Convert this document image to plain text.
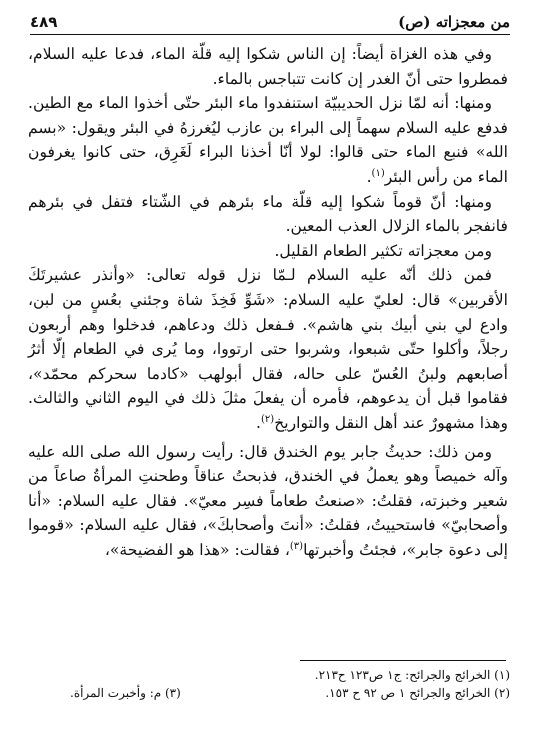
من معجزاته (ص)
٤٨٩

وفي هذه الغزاة أيضاً: إن الناس شكوا إليه قلّة الماء، فدعا عليه السلام، فمطروا حتى أنّ الغدر إن كانت تتباجس بالماء.

ومنها: أنه لمّا نزل الحديبيّة استنفدوا ماء البئر حتّى أخذوا الماء مع الطين. فدفع عليه السلام سهماً إلى البراء بن عازب ليُغرزهُ في البئر ويقول: «بسم الله» فنبع الماء حتى قالوا: لولا أنّا أخذنا البراء لَغَرِق، حتى كانوا يغرفون الماء من رأس البئر$^{(١)}$.

ومنها: أنّ قوماً شكوا إليه قلّة ماء بئرهم في الشّتاء فتفل في بئرهم فانفجر بالماء الزلال العذب المعين.

ومن معجزاته تكثير الطعام القليل.

فمن ذلك أنّه عليه السلام لـمّا نزل قوله تعالى: «وأنذر عشيرتَكَ الأقربين» قال: لعليّ عليه السلام: «شَوِّ فَخِذَ شاة وجئني بعُسٍ من لبن، وادع لي بني أبيك بني هاشم». فـفعل ذلك ودعاهم، فدخلوا وهم أربعون رجلاً، وأكلوا حتّى شبعوا، وشربوا حتى ارتووا، وما يُرى في الطعام إلّا أثرُ أصابعهم ولبنُ العُسّ على حاله، فقال أبولهب «كادما سحركم محمّد»، فقاموا قبل أن يدعوهم، فأمره أن يفعلَ مثلَ ذلك في اليوم الثاني والثالث. وهذا مشهورٌ عند أهل النقل والتواريخ$^{(٢)}$.

ومن ذلك: حديثُ جابر يوم الخندق قال: رأيت رسول الله صلى الله عليه وآله خميصاً وهو يعملُ في الخندق، فذبحتُ عناقاً وطحنتِ المرأةُ صاعاً من شعير وخبزته، فقلتُ: «صنعتُ طعاماً فسِر معيّ». فقال عليه السلام: «أنا وأصحابيّ» فاستحييتُ، فقلتُ: «أنتَ وأصحابكَ»، فقال عليه السلام: «قوموا إلى دعوة جابر»، فجئتُ وأخبرتها$^{(٣)}$، فقالت: «هذا هو الفضيحة»،

(١) الخرائج والجرائح: ج١ ص١٢٣ ح٢١٣.

(٢) الخرائج والجرائح ١ ص ٩٢ ح ١٥٣.
(٣) م: وأخبرت المرأة.
